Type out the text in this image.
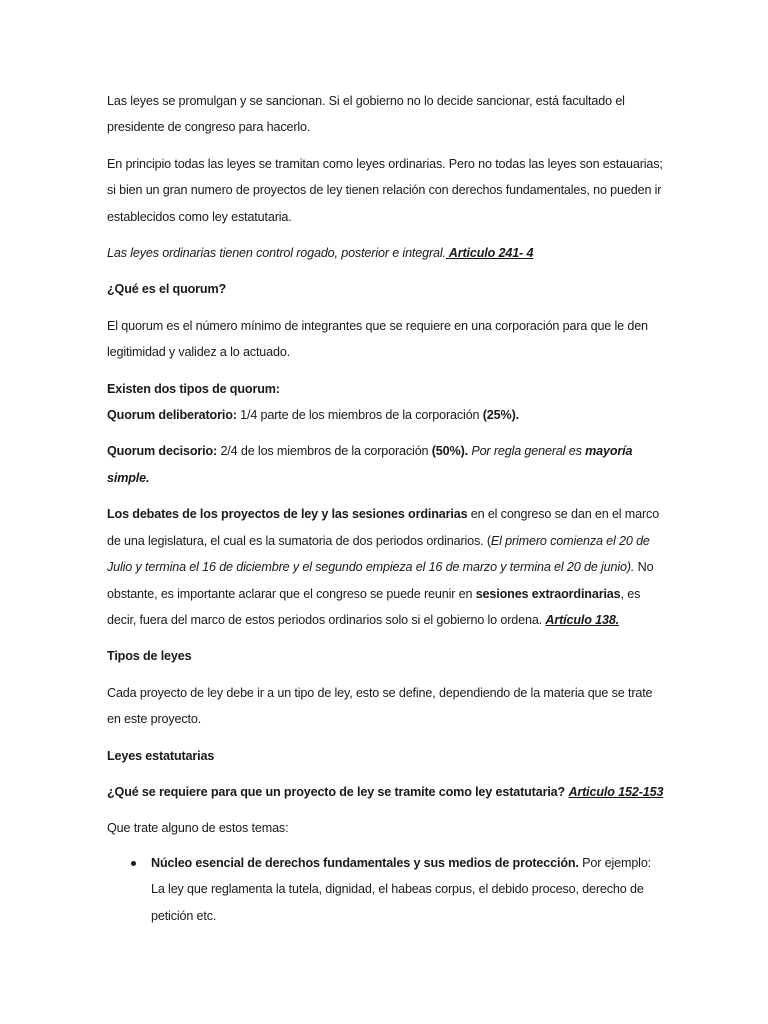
Las leyes se promulgan y se sancionan. Si el gobierno no lo decide sancionar, está facultado el presidente de congreso para hacerlo.

En principio todas las leyes se tramitan como leyes ordinarias. Pero no todas las leyes son estauarias; si bien un gran numero de proyectos de ley tienen relación con derechos fundamentales, no pueden ir establecidos como ley estatutaria.

Las leyes ordinarias tienen control rogado, posterior e integral. Articulo 241- 4

¿Qué es el quorum?

El quorum es el número mínimo de integrantes que se requiere en una corporación para que le den legitimidad y validez a lo actuado.

Existen dos tipos de quorum:
Quorum deliberatorio: 1/4 parte de los miembros de la corporación (25%).

Quorum decisorio: 2/4 de los miembros de la corporación (50%). Por regla general es mayoría simple.

Los debates de los proyectos de ley y las sesiones ordinarias en el congreso se dan en el marco de una legislatura, el cual es la sumatoria de dos periodos ordinarios. (El primero comienza el 20 de Julio y termina el 16 de diciembre y el segundo empieza el 16 de marzo y termina el 20 de junio). No obstante, es importante aclarar que el congreso se puede reunir en sesiones extraordinarias, es decir, fuera del marco de estos periodos ordinarios solo si el gobierno lo ordena. Artículo 138.

Tipos de leyes

Cada proyecto de ley debe ir a un tipo de ley, esto se define, dependiendo de la materia que se trate en este proyecto.

Leyes estatutarias

¿Qué se requiere para que un proyecto de ley se tramite como ley estatutaria? Articulo 152-153

Que trate alguno de estos temas:

Núcleo esencial de derechos fundamentales y sus medios de protección. Por ejemplo: La ley que reglamenta la tutela, dignidad, el habeas corpus, el debido proceso, derecho de petición etc.
